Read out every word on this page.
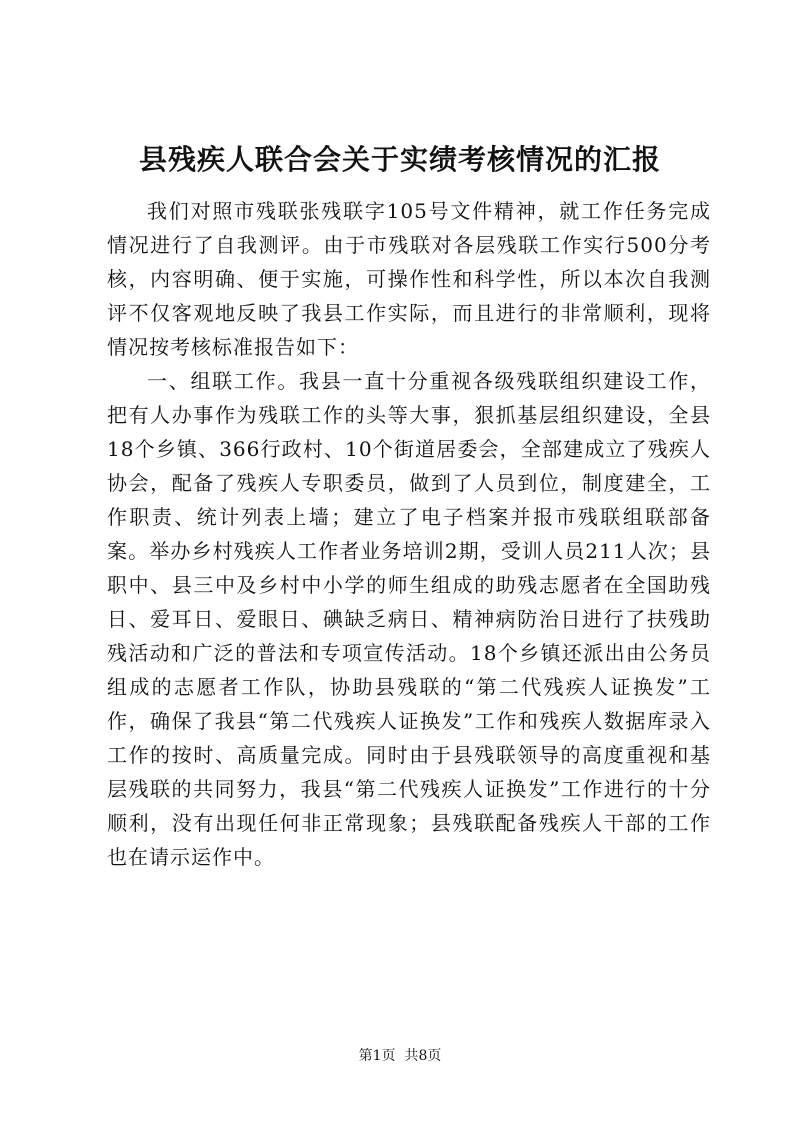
县残疾人联合会关于实绩考核情况的汇报

我们对照市残联张残联字105号文件精神，就工作任务完成情况进行了自我测评。由于市残联对各层残联工作实行500分考核，内容明确、便于实施，可操作性和科学性，所以本次自我测评不仅客观地反映了我县工作实际，而且进行的非常顺利，现将情况按考核标准报告如下：

一、组联工作。我县一直十分重视各级残联组织建设工作，把有人办事作为残联工作的头等大事，狠抓基层组织建设，全县18个乡镇、366行政村、10个街道居委会，全部建成立了残疾人协会，配备了残疾人专职委员，做到了人员到位，制度建全，工作职责、统计列表上墙；建立了电子档案并报市残联组联部备案。举办乡村残疾人工作者业务培训2期，受训人员211人次；县职中、县三中及乡村中小学的师生组成的助残志愿者在全国助残日、爱耳日、爱眼日、碘缺乏病日、精神病防治日进行了扶残助残活动和广泛的普法和专项宣传活动。18个乡镇还派出由公务员组成的志愿者工作队，协助县残联的“第二代残疾人证换发”工作，确保了我县“第二代残疾人证换发”工作和残疾人数据库录入工作的按时、高质量完成。同时由于县残联领导的高度重视和基层残联的共同努力，我县“第二代残疾人证换发”工作进行的十分顺利，没有出现任何非正常现象；县残联配备残疾人干部的工作也在请示运作中。

第1页 共8页
